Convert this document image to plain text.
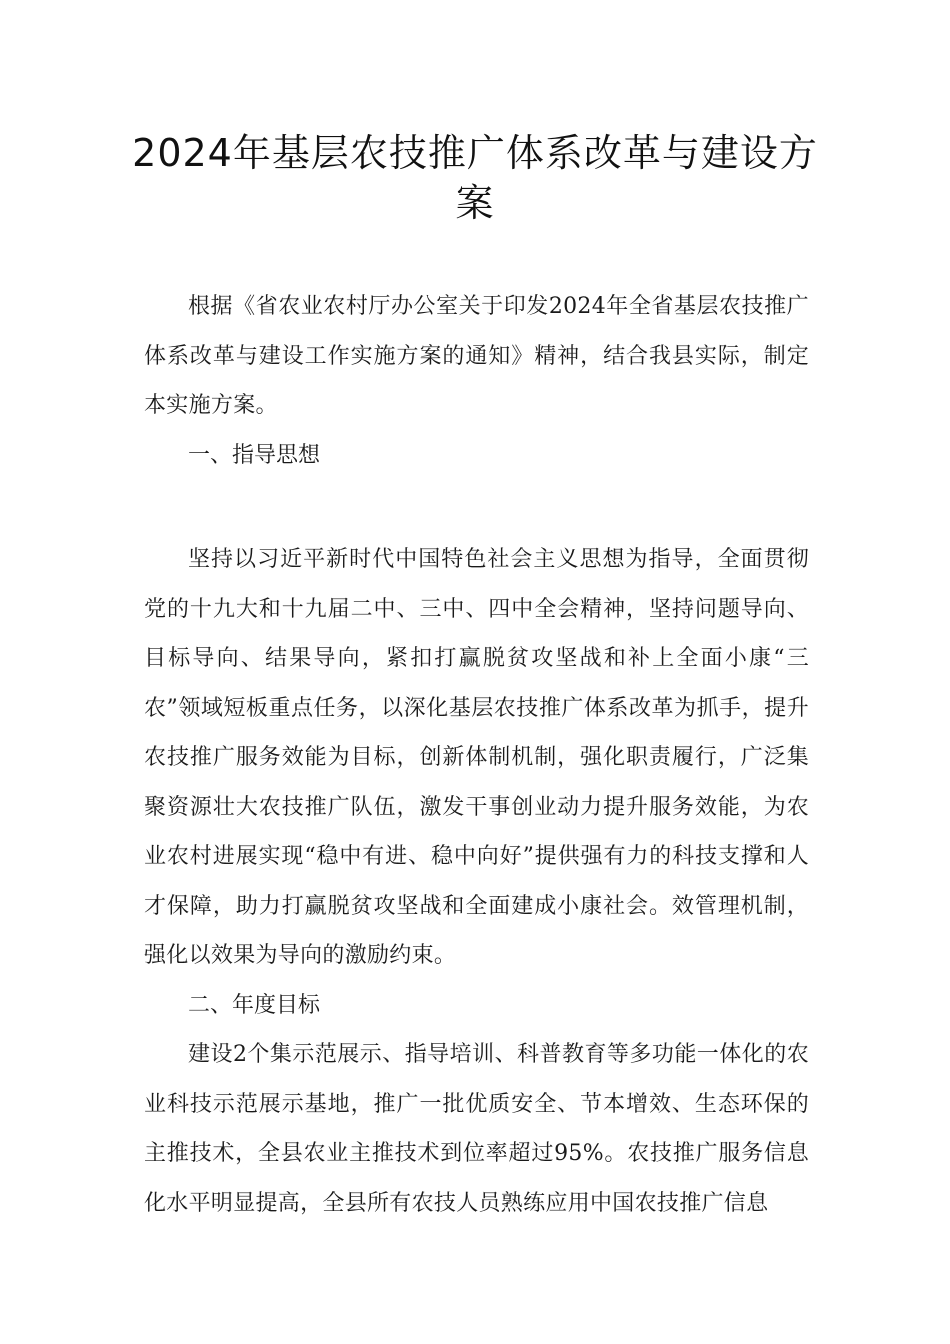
2024年基层农技推广体系改革与建设方案

根据《省农业农村厅办公室关于印发2024年全省基层农技推广体系改革与建设工作实施方案的通知》精神，结合我县实际，制定本实施方案。

一、指导思想

坚持以习近平新时代中国特色社会主义思想为指导，全面贯彻党的十九大和十九届二中、三中、四中全会精神，坚持问题导向、目标导向、结果导向，紧扣打赢脱贫攻坚战和补上全面小康“三农”领域短板重点任务，以深化基层农技推广体系改革为抓手，提升农技推广服务效能为目标，创新体制机制，强化职责履行，广泛集聚资源壮大农技推广队伍，激发干事创业动力提升服务效能，为农业农村进展实现“稳中有进、稳中向好”提供强有力的科技支撑和人才保障，助力打赢脱贫攻坚战和全面建成小康社会。效管理机制，强化以效果为导向的激励约束。

二、年度目标

建设2个集示范展示、指导培训、科普教育等多功能一体化的农业科技示范展示基地，推广一批优质安全、节本增效、生态环保的主推技术，全县农业主推技术到位率超过95%。农技推广服务信息化水平明显提高，全县所有农技人员熟练应用中国农技推广信息
